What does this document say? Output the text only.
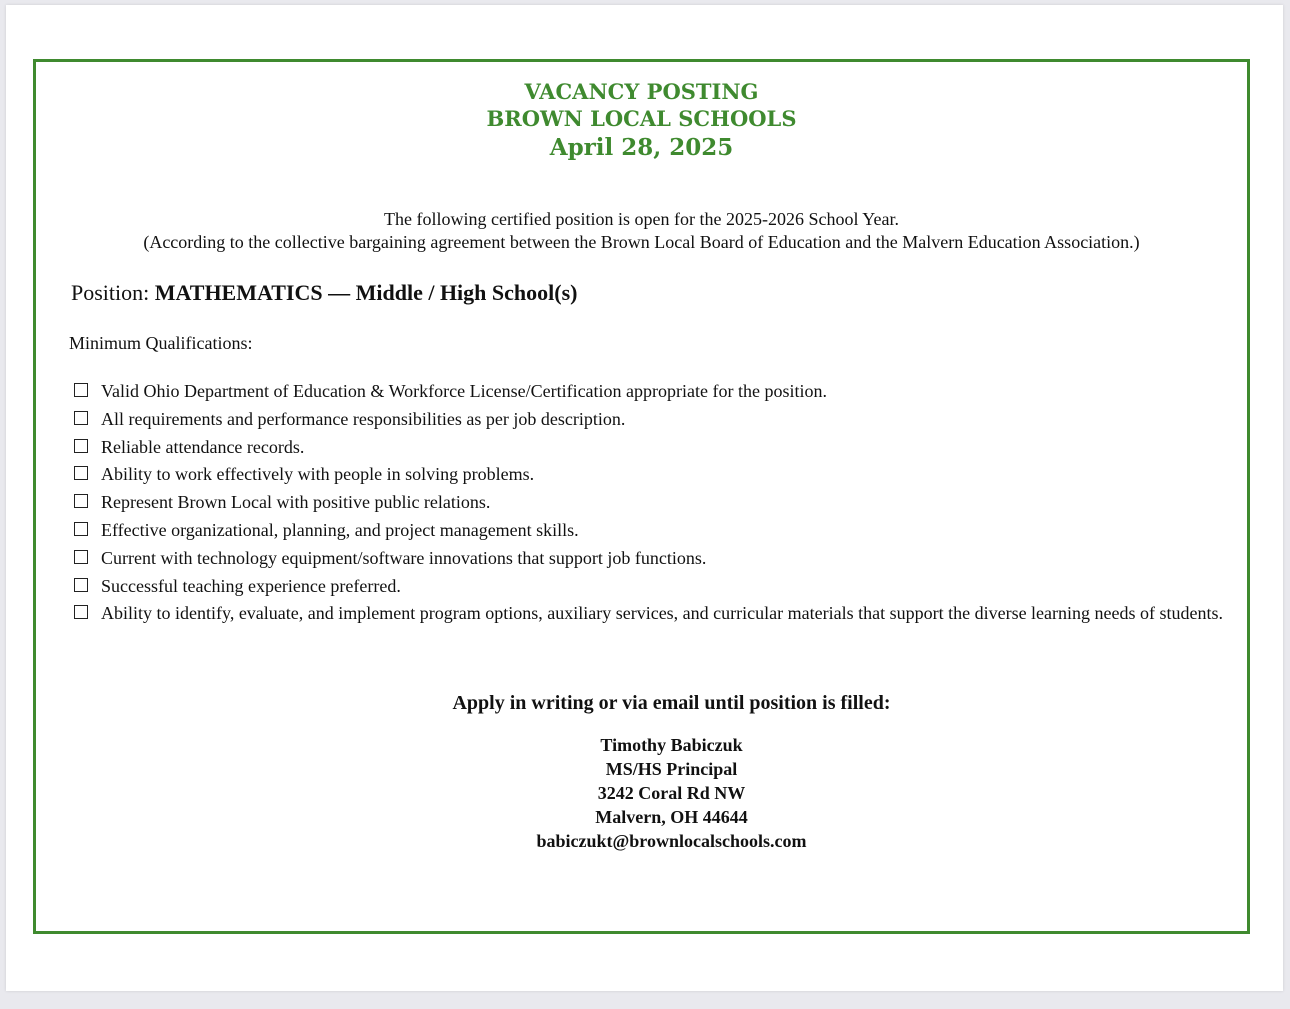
VACANCY POSTING
BROWN LOCAL SCHOOLS
April 28, 2025
The following certified position is open for the 2025-2026 School Year.
(According to the collective bargaining agreement between the Brown Local Board of Education and the Malvern Education Association.)
Position: MATHEMATICS — Middle / High School(s)
Minimum Qualifications:
Valid Ohio Department of Education & Workforce License/Certification appropriate for the position.
All requirements and performance responsibilities as per job description.
Reliable attendance records.
Ability to work effectively with people in solving problems.
Represent Brown Local with positive public relations.
Effective organizational, planning, and project management skills.
Current with technology equipment/software innovations that support job functions.
Successful teaching experience preferred.
Ability to identify, evaluate, and implement program options, auxiliary services, and curricular materials that support the diverse learning needs of students.
Apply in writing or via email until position is filled:
Timothy Babiczuk
MS/HS Principal
3242 Coral Rd NW
Malvern, OH 44644
babiczukt@brownlocalschools.com
